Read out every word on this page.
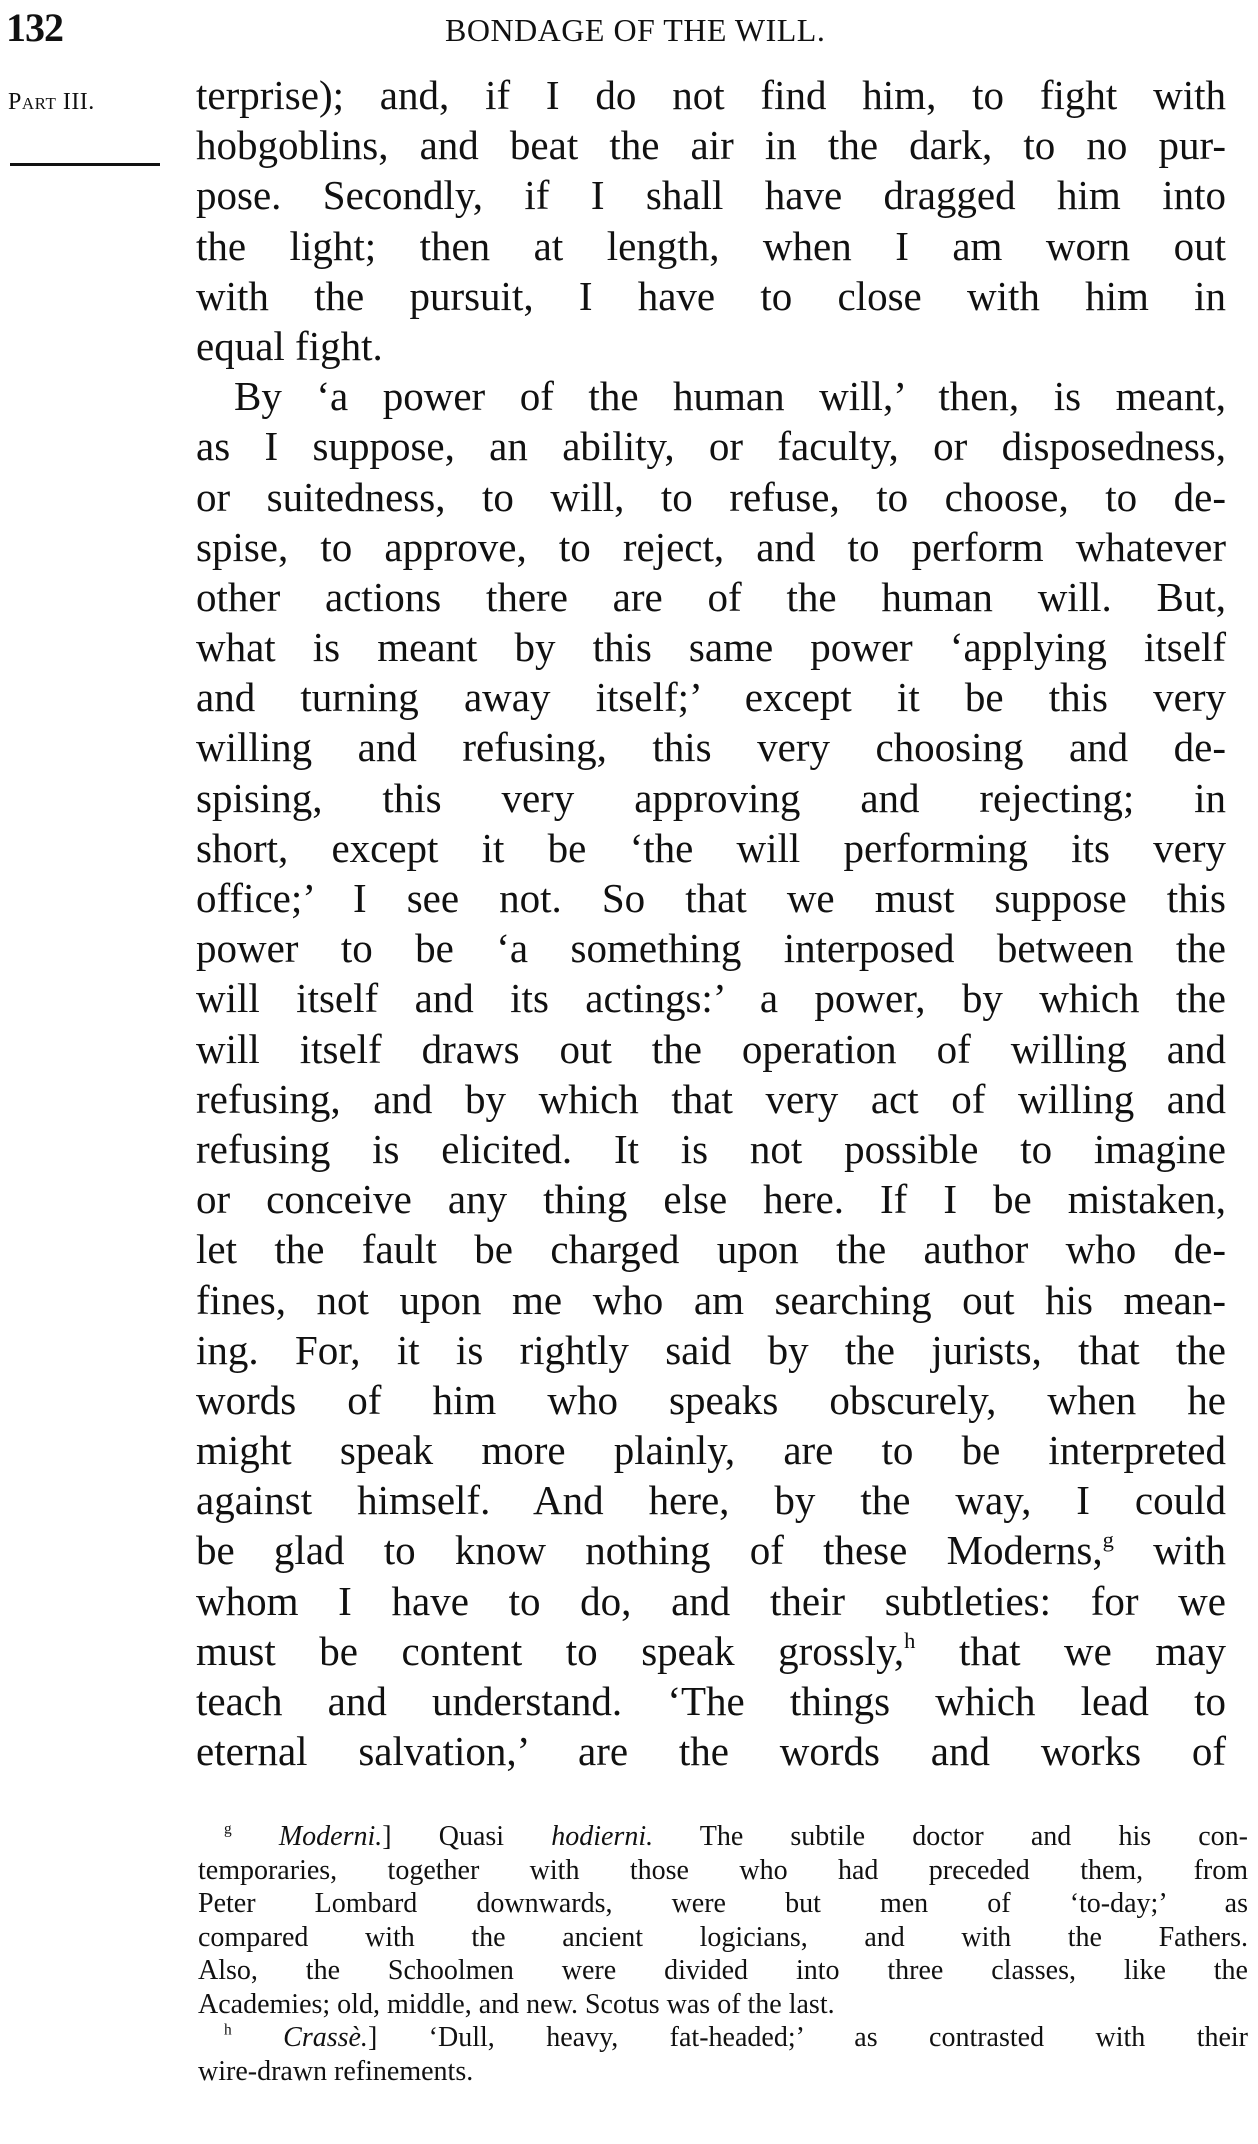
132	BONDAGE OF THE WILL.
Part III.	terprise); and, if I do not find him, to fight with
hobgoblins, and beat the air in the dark, to no pur-
pose. Secondly, if I shall have dragged him into
the light; then at length, when I am worn out
with the pursuit, I have to close with him in
equal fight.
By ‘a power of the human will,’ then, is meant,
as I suppose, an ability, or faculty, or disposedness,
or suitedness, to will, to refuse, to choose, to de-
spise, to approve, to reject, and to perform whatever
other actions there are of the human will. But,
what is meant by this same power ‘applying itself
and turning away itself;’ except it be this very
willing and refusing, this very choosing and de-
spising, this very approving and rejecting; in
short, except it be ‘the will performing its very
office;’ I see not. So that we must suppose this
power to be ‘a something interposed between the
will itself and its actings:’ a power, by which the
will itself draws out the operation of willing and
refusing, and by which that very act of willing and
refusing is elicited. It is not possible to imagine
or conceive any thing else here. If I be mistaken,
let the fault be charged upon the author who de-
fines, not upon me who am searching out his mean-
ing. For, it is rightly said by the jurists, that the
words of him who speaks obscurely, when he
might speak more plainly, are to be interpreted
against himself. And here, by the way, I could
be glad to know nothing of these Moderns,$^g$ with
whom I have to do, and their subtleties: for we
must be content to speak grossly,$^h$ that we may
teach and understand. ‘The things which lead to
eternal salvation,’ are the words and works of
$^g$ Moderni.] Quasi hodierni. The subtile doctor and his con-
temporaries, together with those who had preceded them, from
Peter Lombard downwards, were but men of ‘to-day;’ as
compared with the ancient logicians, and with the Fathers.
Also, the Schoolmen were divided into three classes, like the
Academies; old, middle, and new. Scotus was of the last.
$^h$ Crassè.] ‘Dull, heavy, fat-headed;’ as contrasted with their
wire-drawn refinements.
